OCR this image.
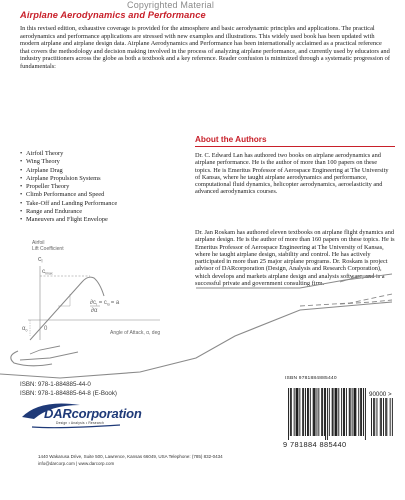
Copyrighted Material
Airplane Aerodynamics and Performance
In this revised edition, exhaustive coverage is provided for the atmosphere and basic aerodynamic principles and applications. The practical aerodynamics and performance applications are stressed with new examples and illustrations. This widely used book has been updated with modern airplane and airplane design data. Airplane Aerodynamics and Performance has been internationally acclaimed as a practical reference that covers the methodology and decision making involved in the process of analyzing airplane performance, and currently used by educators and industry practitioners across the globe as both a textbook and a key reference. Reader confusion is minimized through a systematic progression of fundamentals:
• Airfoil Theory
• Wing Theory
• Airplane Drag
• Airplane Propulsion Systems
• Propeller Theory
• Climb Performance and Speed
• Take-Off and Landing Performance
• Range and Endurance
• Maneuvers and Flight Envelope
About the Authors
Dr. C. Edward Lan has authored two books on airplane aerodynamics and airplane performance. He is the author of more than 100 papers on these topics. He is Emeritus Professor of Aerospace Engineering at The University of Kansas, where he taught airplane aerodynamics and performance, computational fluid dynamics, helicopter aerodynamics, aeroelasticity and advanced aerodynamics courses.
Dr. Jan Roskam has authored eleven textbooks on airplane flight dynamics and airplane design. He is the author of more than 160 papers on these topics. He is Emeritus Professor of Aerospace Engineering at The University of Kansas, where he taught airplane design, stability and control. He has actively participated in more than 25 major airplane programs. Dr. Roskam is project advisor of DARcorporation (Design, Analysis and Research Corporation), which develops and markets airplane design and analysis software, and is a successful private and government consulting firm.
Airfoil
Lift Coefficient
$c_l$
$c_{lmax}$
$\partial c_l = c_l\alpha= a$
∂α
0
$\alpha_0$	Angle of Attack, α, deg
ISBN: 978-1-884885-44-0
ISBN: 978-1-884885-64-8 (E-Book)
DARcorporation
Design • Analysis • Research
1440 Wakarusa Drive, Suite 500, Lawrence, Kansas 66049, USA Telephone: (785) 832-0434
info@darcorp.com | www.darcorp.com
ISBN 9781884885440
90000 >
9 781884 885440
